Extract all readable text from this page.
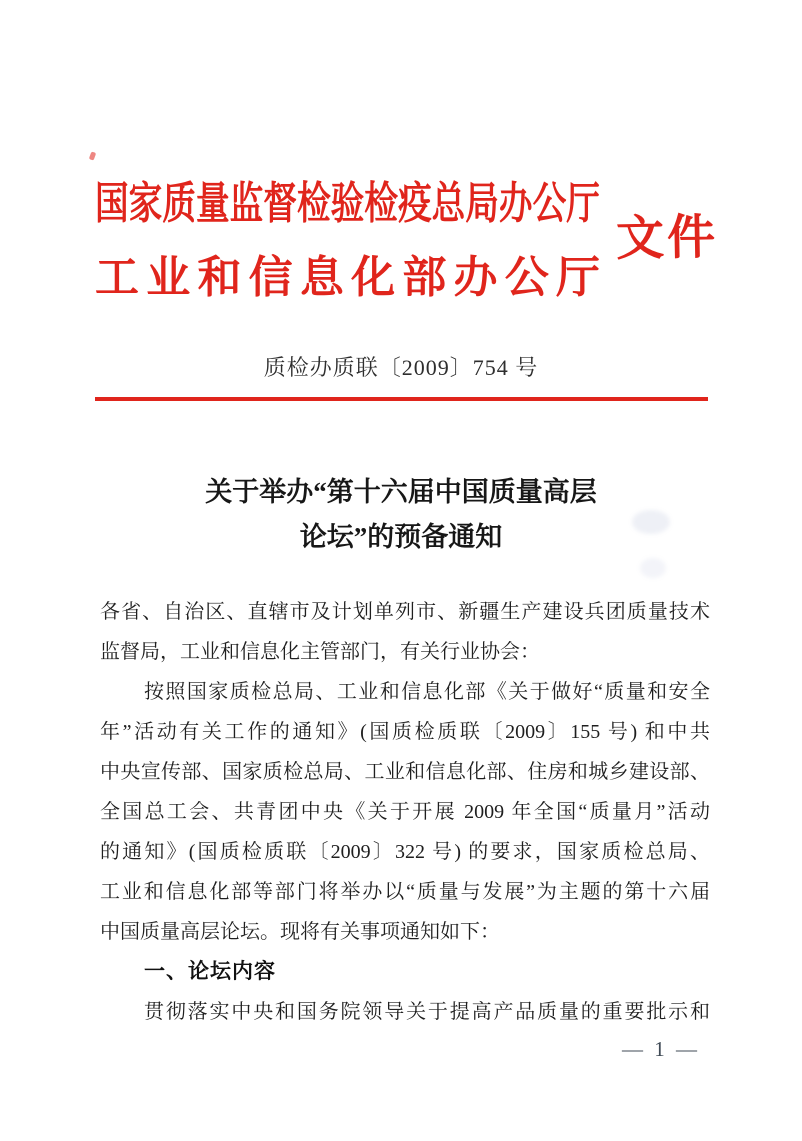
国家质量监督检验检疫总局办公厅
工业和信息化部办公厅
文件
质检办质联〔2009〕754 号
关于举办“第十六届中国质量高层
论坛”的预备通知
各省、自治区、直辖市及计划单列市、新疆生产建设兵团质量技术
监督局，工业和信息化主管部门，有关行业协会：
按照国家质检总局、工业和信息化部《关于做好“质量和安全
年”活动有关工作的通知》(国质检质联〔2009〕155 号) 和中共
中央宣传部、国家质检总局、工业和信息化部、住房和城乡建设部、
全国总工会、共青团中央《关于开展 2009 年全国“质量月”活动
的通知》(国质检质联〔2009〕322 号) 的要求，国家质检总局、
工业和信息化部等部门将举办以“质量与发展”为主题的第十六届
中国质量高层论坛。现将有关事项通知如下：
一、论坛内容
贯彻落实中央和国务院领导关于提高产品质量的重要批示和
— 1 —
